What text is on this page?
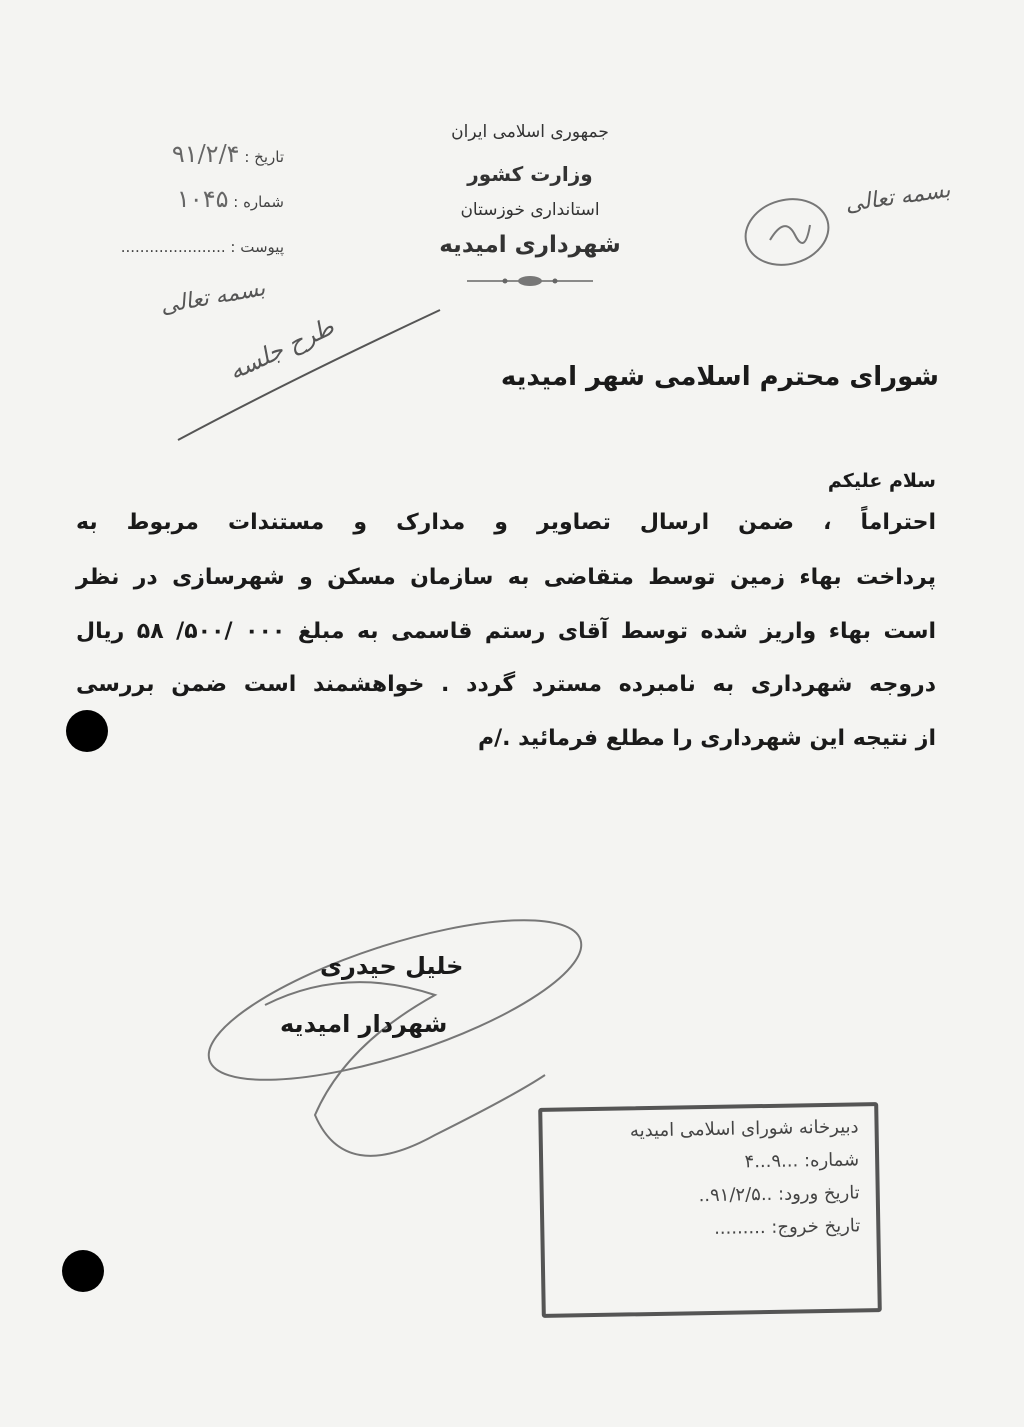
جمهوری اسلامی ایران
وزارت کشور
استانداری خوزستان
شهرداری امیدیه
تاریخ : ۹۱/۲/۴
شماره : ۱۰۴۵
پیوست : ......................
بسمه تعالی
بسمه تعالی
طرح جلسه	شورای محترم اسلامی شهر امیدیه
سلام علیکم
احتراماً ، ضمن ارسال تصاویر و مدارک و مستندات مربوط به
پرداخت بهاء زمین توسط متقاضی به سازمان مسکن و شهرسازی در نظر
است بهاء واریز شده توسط آقای رستم قاسمی به مبلغ ۰۰۰ /۵۰۰/ ۵۸ ریال
دروجه شهرداری به نامبرده مسترد گردد . خواهشمند است ضمن بررسی
از نتیجه این شهرداری را مطلع فرمائید ./م
خلیل حیدری
شهردار امیدیه
دبیرخانه شورای اسلامی امیدیه
شماره: ...۹...۴
تاریخ ورود: ..۹۱/۲/۵..
تاریخ خروج: .........
